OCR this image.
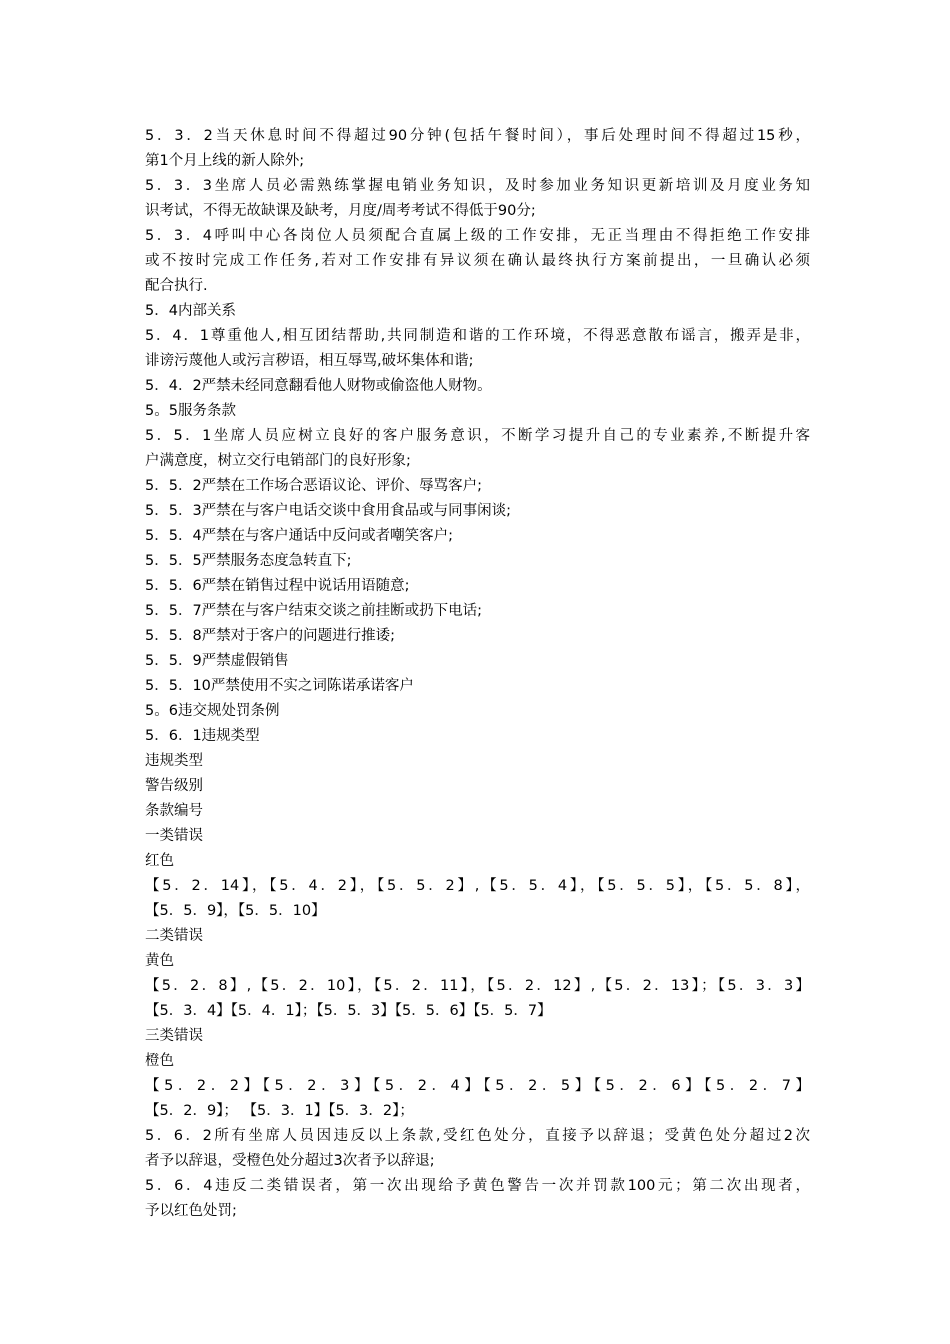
5．3．2当天休息时间不得超过90分钟(包括午餐时间），事后处理时间不得超过15秒，
第1个月上线的新人除外;
5．3．3坐席人员必需熟练掌握电销业务知识，及时参加业务知识更新培训及月度业务知
识考试，不得无故缺课及缺考，月度/周考考试不得低于90分;
5．3．4呼叫中心各岗位人员须配合直属上级的工作安排，无正当理由不得拒绝工作安排
或不按时完成工作任务,若对工作安排有异议须在确认最终执行方案前提出，一旦确认必须
配合执行.
5．4内部关系
5．4．1尊重他人,相互团结帮助,共同制造和谐的工作环境，不得恶意散布谣言，搬弄是非，
诽谤污蔑他人或污言秽语，相互辱骂,破坏集体和谐;
5．4．2严禁未经同意翻看他人财物或偷盗他人财物。
5。5服务条款
5．5．1坐席人员应树立良好的客户服务意识，不断学习提升自己的专业素养,不断提升客
户满意度，树立交行电销部门的良好形象;
5．5．2严禁在工作场合恶语议论、评价、辱骂客户;
5．5．3严禁在与客户电话交谈中食用食品或与同事闲谈;
5．5．4严禁在与客户通话中反问或者嘲笑客户;
5．5．5严禁服务态度急转直下;
5．5．6严禁在销售过程中说话用语随意;
5．5．7严禁在与客户结束交谈之前挂断或扔下电话;
5．5．8严禁对于客户的问题进行推诿;
5．5．9严禁虚假销售
5．5．10严禁使用不实之词陈诺承诺客户
5。6违交规处罚条例
5．6．1违规类型
违规类型
警告级别
条款编号
一类错误
红色
【5．2．14】，【5．4．2】，【5．5．2】,【5．5．4】，【5．5．5】，【5．5．8】，
【5．5．9】，【5．5．10】
二类错误
黄色
【5．2．8】,【5．2．10】，【5．2．11】，【5．2．12】,【5．2．13】；【5．3．3】
【5．3．4】【5．4．1】；【5．5．3】【5．5．6】【5．5．7】
三类错误
橙色
【5．2．2】【5．2．3】【5．2．4】【5．2．5】【5．2．6】【5．2．7】
【5．2．9】； 【5．3．1】【5．3．2】；
5．6．2所有坐席人员因违反以上条款,受红色处分，直接予以辞退；受黄色处分超过2次
者予以辞退，受橙色处分超过3次者予以辞退;
5．6．4违反二类错误者，第一次出现给予黄色警告一次并罚款100元；第二次出现者，
予以红色处罚;
